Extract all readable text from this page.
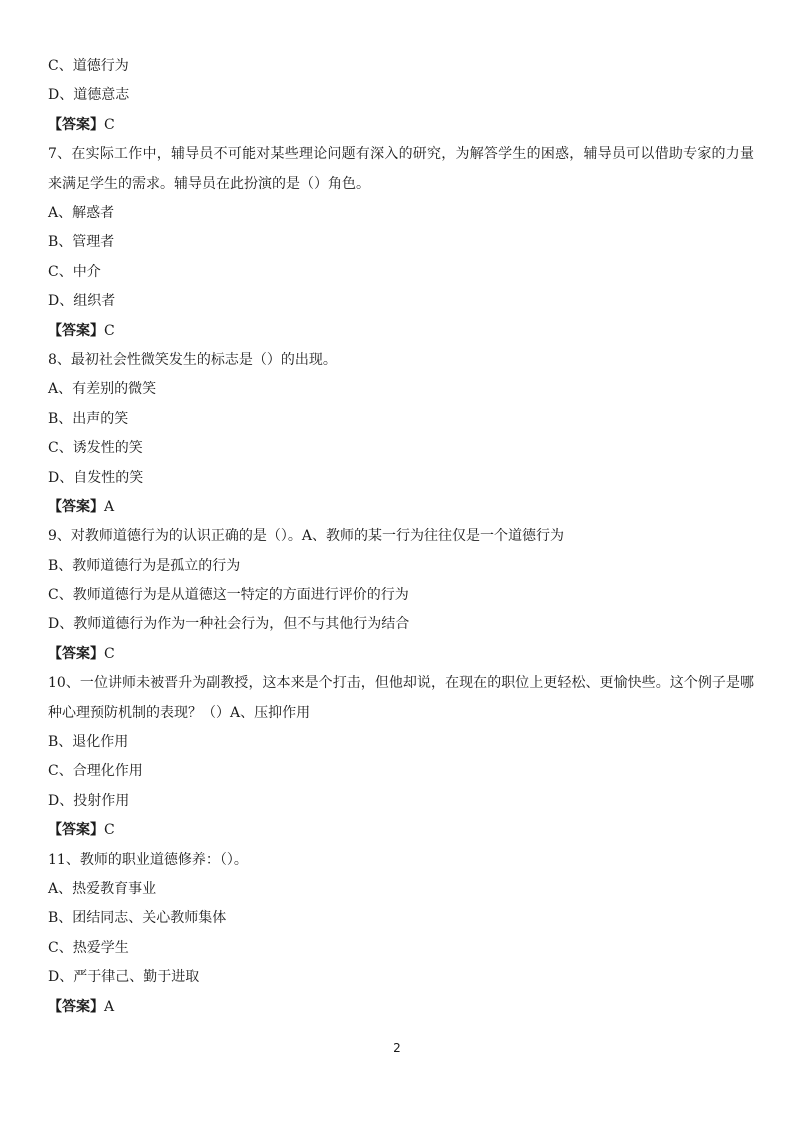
C、道德行为
D、道德意志
【答案】C
7、在实际工作中，辅导员不可能对某些理论问题有深入的研究，为解答学生的困惑，辅导员可以借助专家的力量来满足学生的需求。辅导员在此扮演的是（）角色。
A、解惑者
B、管理者
C、中介
D、组织者
【答案】C
8、最初社会性微笑发生的标志是（）的出现。
A、有差别的微笑
B、出声的笑
C、诱发性的笑
D、自发性的笑
【答案】A
9、对教师道德行为的认识正确的是（）。A、教师的某一行为往往仅是一个道德行为
B、教师道德行为是孤立的行为
C、教师道德行为是从道德这一特定的方面进行评价的行为
D、教师道德行为作为一种社会行为，但不与其他行为结合
【答案】C
10、一位讲师未被晋升为副教授，这本来是个打击，但他却说，在现在的职位上更轻松、更愉快些。这个例子是哪种心理预防机制的表现？（）A、压抑作用
B、退化作用
C、合理化作用
D、投射作用
【答案】C
11、教师的职业道德修养：（）。
A、热爱教育事业
B、团结同志、关心教师集体
C、热爱学生
D、严于律己、勤于进取
【答案】A
2
